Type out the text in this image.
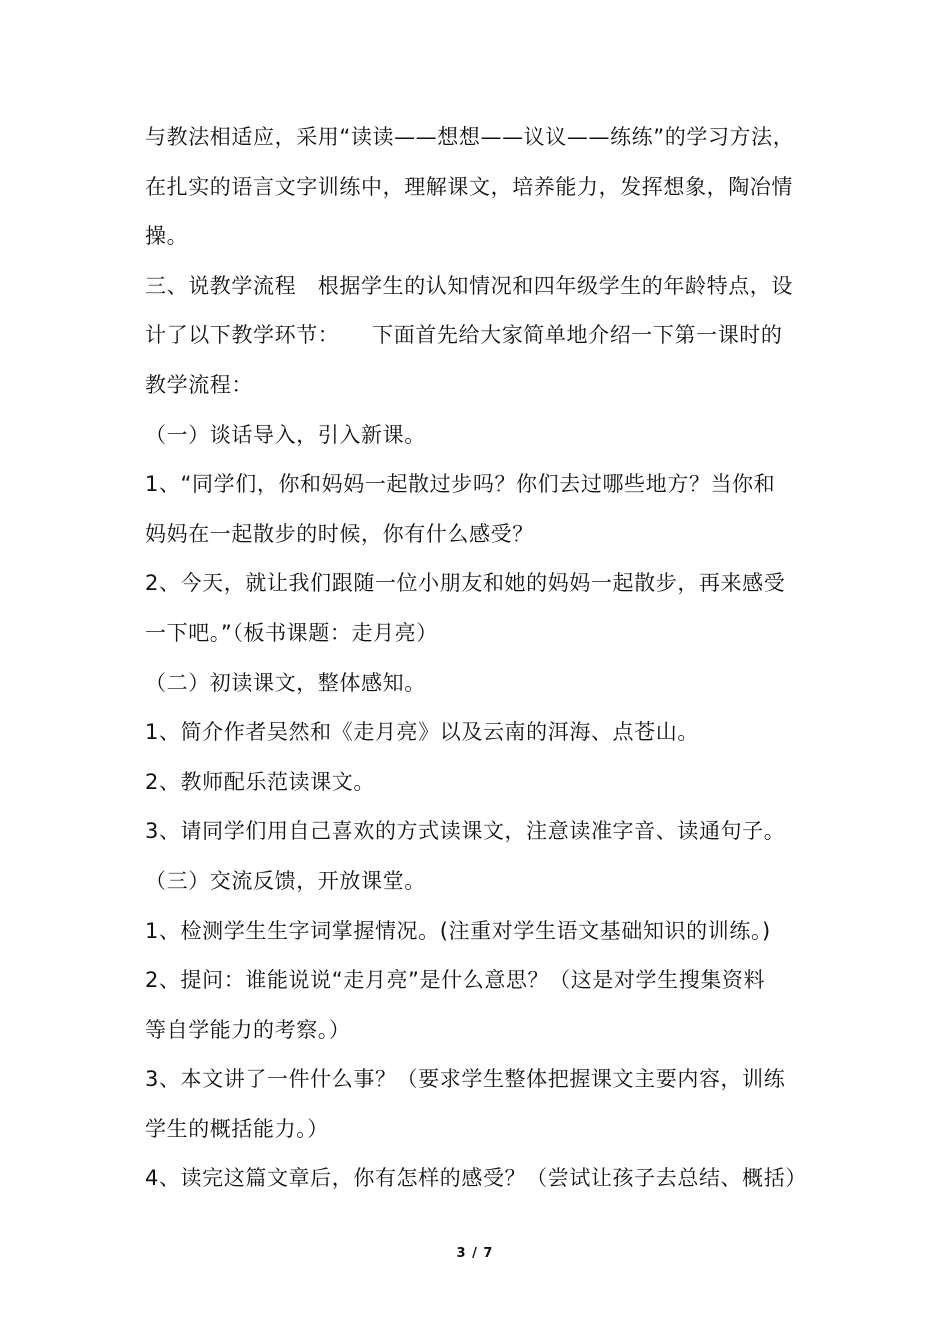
与教法相适应，采用“读读——想想——议议——练练”的学习方法，
在扎实的语言文字训练中，理解课文，培养能力，发挥想象，陶冶情
操。
三、说教学流程　根据学生的认知情况和四年级学生的年龄特点，设
计了以下教学环节：　　下面首先给大家简单地介绍一下第一课时的
教学流程：
（一）谈话导入，引入新课。
1、“同学们，你和妈妈一起散过步吗？你们去过哪些地方？当你和
妈妈在一起散步的时候，你有什么感受？
2、今天，就让我们跟随一位小朋友和她的妈妈一起散步，再来感受
一下吧。”（板书课题：走月亮）
（二）初读课文，整体感知。
1、简介作者吴然和《走月亮》以及云南的洱海、点苍山。
2、教师配乐范读课文。
3、请同学们用自己喜欢的方式读课文，注意读准字音、读通句子。
（三）交流反馈，开放课堂。
1、检测学生生字词掌握情况。(注重对学生语文基础知识的训练。)
2、提问：谁能说说“走月亮”是什么意思？（这是对学生搜集资料
等自学能力的考察。）
3、本文讲了一件什么事？（要求学生整体把握课文主要内容，训练
学生的概括能力。）
4、读完这篇文章后，你有怎样的感受？（尝试让孩子去总结、概括）
3 / 7
